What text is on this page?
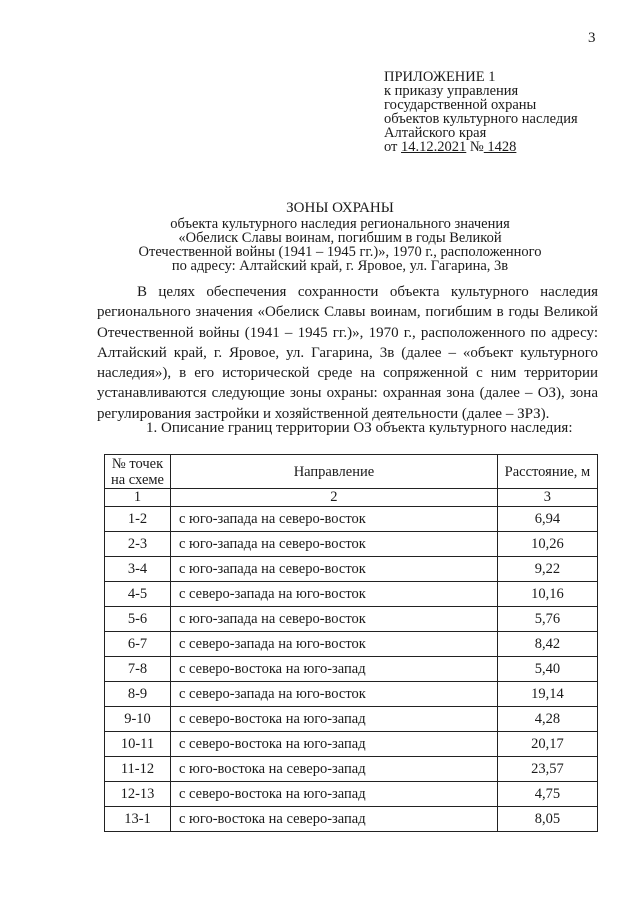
3
ПРИЛОЖЕНИЕ 1
к приказу управления
государственной охраны
объектов культурного наследия
Алтайского края
от 14.12.2021 № 1428
ЗОНЫ ОХРАНЫ
объекта культурного наследия регионального значения
«Обелиск Славы воинам, погибшим в годы Великой
Отечественной войны (1941 – 1945 гг.)», 1970 г., расположенного
по адресу: Алтайский край, г. Яровое, ул. Гагарина, 3в

В целях обеспечения сохранности объекта культурного наследия регионального значения «Обелиск Славы воинам, погибшим в годы Великой Отечественной войны (1941 – 1945 гг.)», 1970 г., расположенного по адресу: Алтайский край, г. Яровое, ул. Гагарина, 3в (далее – «объект культурного наследия»), в его исторической среде на сопряженной с ним территории устанавливаются следующие зоны охраны: охранная зона (далее – ОЗ), зона регулирования застройки и хозяйственной деятельности (далее – ЗРЗ).

1. Описание границ территории ОЗ объекта культурного наследия:
№ точек на схеме	Направление	Расстояние, м
1	2	3
1-2	с юго-запада на северо-восток	6,94
2-3	с юго-запада на северо-восток	10,26
3-4	с юго-запада на северо-восток	9,22
4-5	с северо-запада на юго-восток	10,16
5-6	с юго-запада на северо-восток	5,76
6-7	с северо-запада на юго-восток	8,42
7-8	с северо-востока на юго-запад	5,40
8-9	с северо-запада на юго-восток	19,14
9-10	с северо-востока на юго-запад	4,28
10-11	с северо-востока на юго-запад	20,17
11-12	с юго-востока на северо-запад	23,57
12-13	с северо-востока на юго-запад	4,75
13-1	с юго-востока на северо-запад	8,05
